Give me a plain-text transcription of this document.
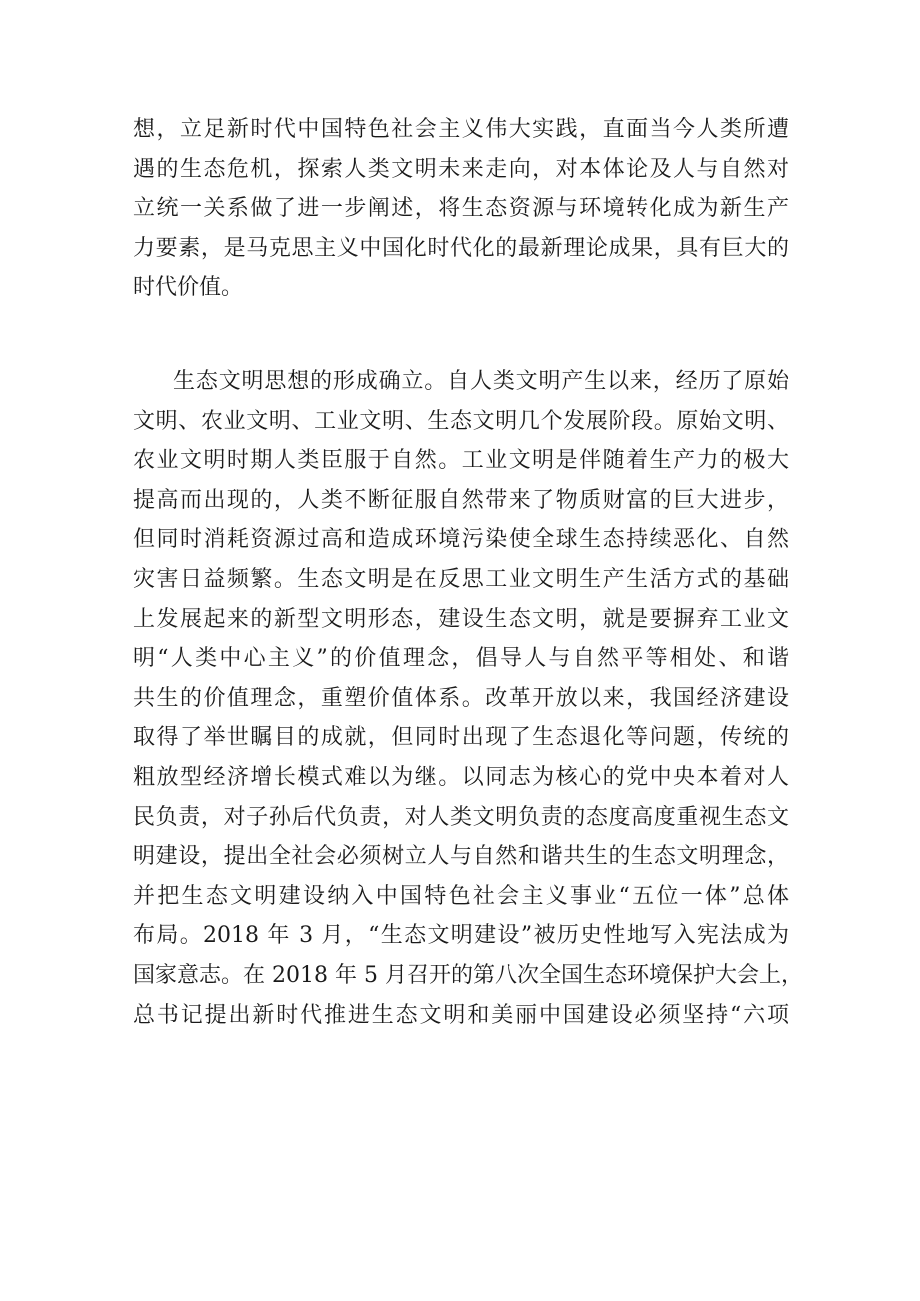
想，立足新时代中国特色社会主义伟大实践，直面当今人类所遭
遇的生态危机，探索人类文明未来走向，对本体论及人与自然对
立统一关系做了进一步阐述，将生态资源与环境转化成为新生产
力要素，是马克思主义中国化时代化的最新理论成果，具有巨大的
时代价值。

生态文明思想的形成确立。自人类文明产生以来，经历了原始
文明、农业文明、工业文明、生态文明几个发展阶段。原始文明、
农业文明时期人类臣服于自然。工业文明是伴随着生产力的极大
提高而出现的，人类不断征服自然带来了物质财富的巨大进步，
但同时消耗资源过高和造成环境污染使全球生态持续恶化、自然
灾害日益频繁。生态文明是在反思工业文明生产生活方式的基础
上发展起来的新型文明形态，建设生态文明，就是要摒弃工业文
明“人类中心主义”的价值理念，倡导人与自然平等相处、和谐
共生的价值理念，重塑价值体系。改革开放以来，我国经济建设
取得了举世瞩目的成就，但同时出现了生态退化等问题，传统的
粗放型经济增长模式难以为继。以同志为核心的党中央本着对人
民负责，对子孙后代负责，对人类文明负责的态度高度重视生态文
明建设，提出全社会必须树立人与自然和谐共生的生态文明理念，
并把生态文明建设纳入中国特色社会主义事业“五位一体”总体
布局。2018 年 3 月，“生态文明建设”被历史性地写入宪法成为
国家意志。在 2018 年 5 月召开的第八次全国生态环境保护大会上，
总书记提出新时代推进生态文明和美丽中国建设必须坚持“六项
